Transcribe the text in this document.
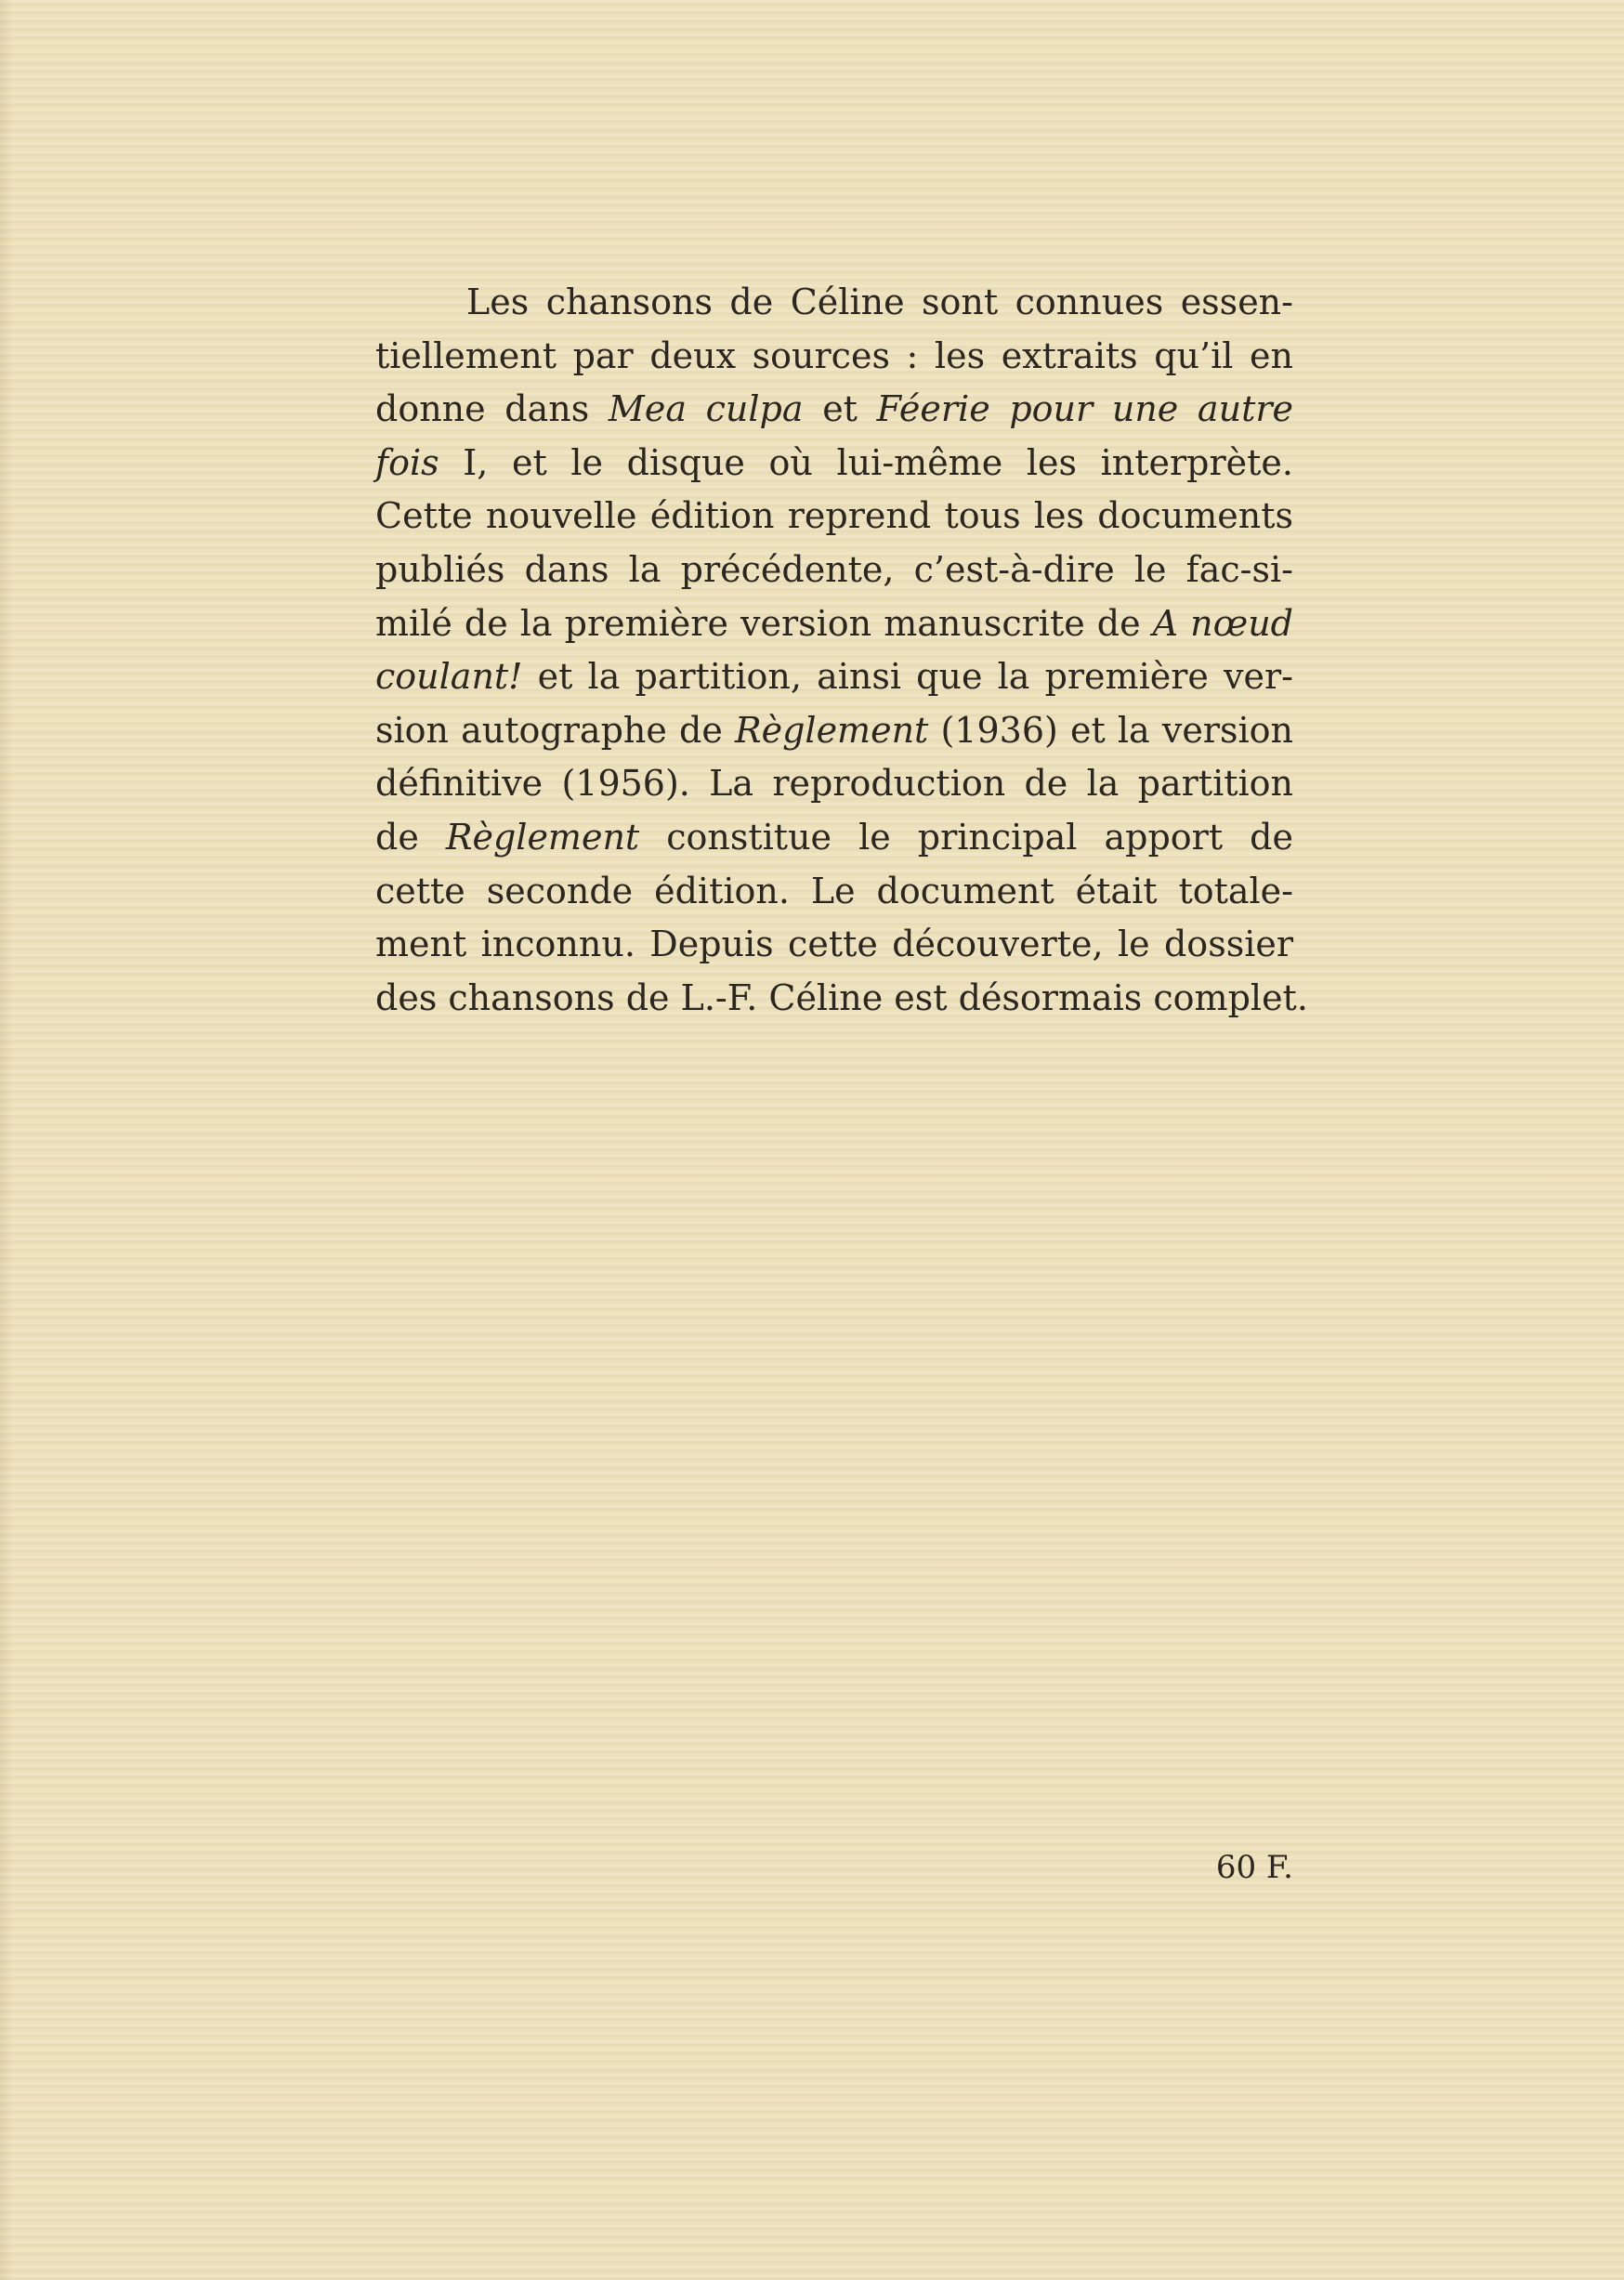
Les chansons de Céline sont connues essen-
tiellement par deux sources : les extraits qu’il en
donne dans Mea culpa et Féerie pour une autre
fois I, et le disque où lui-même les interprète.
Cette nouvelle édition reprend tous les documents
publiés dans la précédente, c’est-à-dire le fac-si-
milé de la première version manuscrite de A nœud
coulant! et la partition, ainsi que la première ver-
sion autographe de Règlement (1936) et la version
définitive (1956). La reproduction de la partition
de Règlement constitue le principal apport de
cette seconde édition. Le document était totale-
ment inconnu. Depuis cette découverte, le dossier
des chansons de L.-F. Céline est désormais complet.

60 F.
